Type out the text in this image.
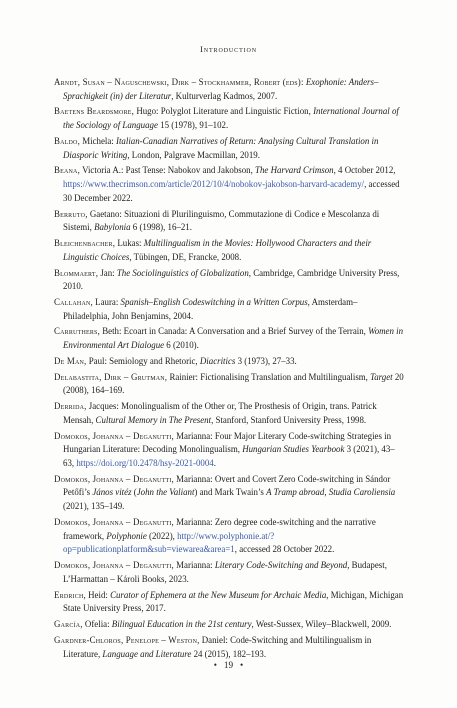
Introduction

Arndt, Susan – Naguschewski, Dirk – Stockhammer, Robert (eds): Exophonie: Anders–Sprachigkeit (in) der Literatur, Kulturverlag Kadmos, 2007.

Baetens Beardsmore, Hugo: Polyglot Literature and Linguistic Fiction, International Journal of the Sociology of Language 15 (1978), 91–102.

Baldo, Michela: Italian-Canadian Narratives of Return: Analysing Cultural Translation in Diasporic Writing, London, Palgrave Macmillan, 2019.

Beana, Victoria A.: Past Tense: Nabokov and Jakobson, The Harvard Crimson, 4 October 2012, https://www.thecrimson.com/article/2012/10/4/nobokov-jakobson-harvard-academy/, accessed 30 December 2022.

Berruto, Gaetano: Situazioni di Plurilinguismo, Commutazione di Codice e Mescolanza di Sistemi, Babylonia 6 (1998), 16–21.

Bleichenbacher, Lukas: Multilingualism in the Movies: Hollywood Characters and their Linguistic Choices, Tübingen, DE, Francke, 2008.

Blommaert, Jan: The Sociolinguistics of Globalization, Cambridge, Cambridge University Press, 2010.

Callahan, Laura: Spanish–English Codeswitching in a Written Corpus, Amsterdam–Philadelphia, John Benjamins, 2004.

Carruthers, Beth: Ecoart in Canada: A Conversation and a Brief Survey of the Terrain, Women in Environmental Art Dialogue 6 (2010).

De Man, Paul: Semiology and Rhetoric, Diacritics 3 (1973), 27–33.

Delabastita, Dirk – Grutman, Rainier: Fictionalising Translation and Multilingualism, Target 20 (2008), 164–169.

Derrida, Jacques: Monolingualism of the Other or, The Prosthesis of Origin, trans. Patrick Mensah, Cultural Memory in The Present, Stanford, Stanford University Press, 1998.

Domokos, Johanna – Deganutti, Marianna: Four Major Literary Code-switching Strategies in Hungarian Literature: Decoding Monolingualism, Hungarian Studies Yearbook 3 (2021), 43–63, https://doi.org/10.2478/hsy-2021-0004.

Domokos, Johanna – Deganutti, Marianna: Overt and Covert Zero Code-switching in Sándor Petőfi’s János vitéz (John the Valiant) and Mark Twain’s A Tramp abroad, Studia Caroliensia (2021), 135–149.

Domokos, Johanna – Deganutti, Marianna: Zero degree code-switching and the narrative framework, Polyphonie (2022), http://www.polyphonie.at/?op=publicationplatform&sub=viewarea&area=1, accessed 28 October 2022.

Domokos, Johanna – Deganutti, Marianna: Literary Code-Switching and Beyond, Budapest, L’Harmattan – Károli Books, 2023.

Erdrich, Heid: Curator of Ephemera at the New Museum for Archaic Media, Michigan, Michigan State University Press, 2017.

García, Ofelia: Bilingual Education in the 21st century, West-Sussex, Wiley–Blackwell, 2009.

Gardner-Chloros, Penelope – Weston, Daniel: Code-Switching and Multilingualism in Literature, Language and Literature 24 (2015), 182–193.

• 19 •
